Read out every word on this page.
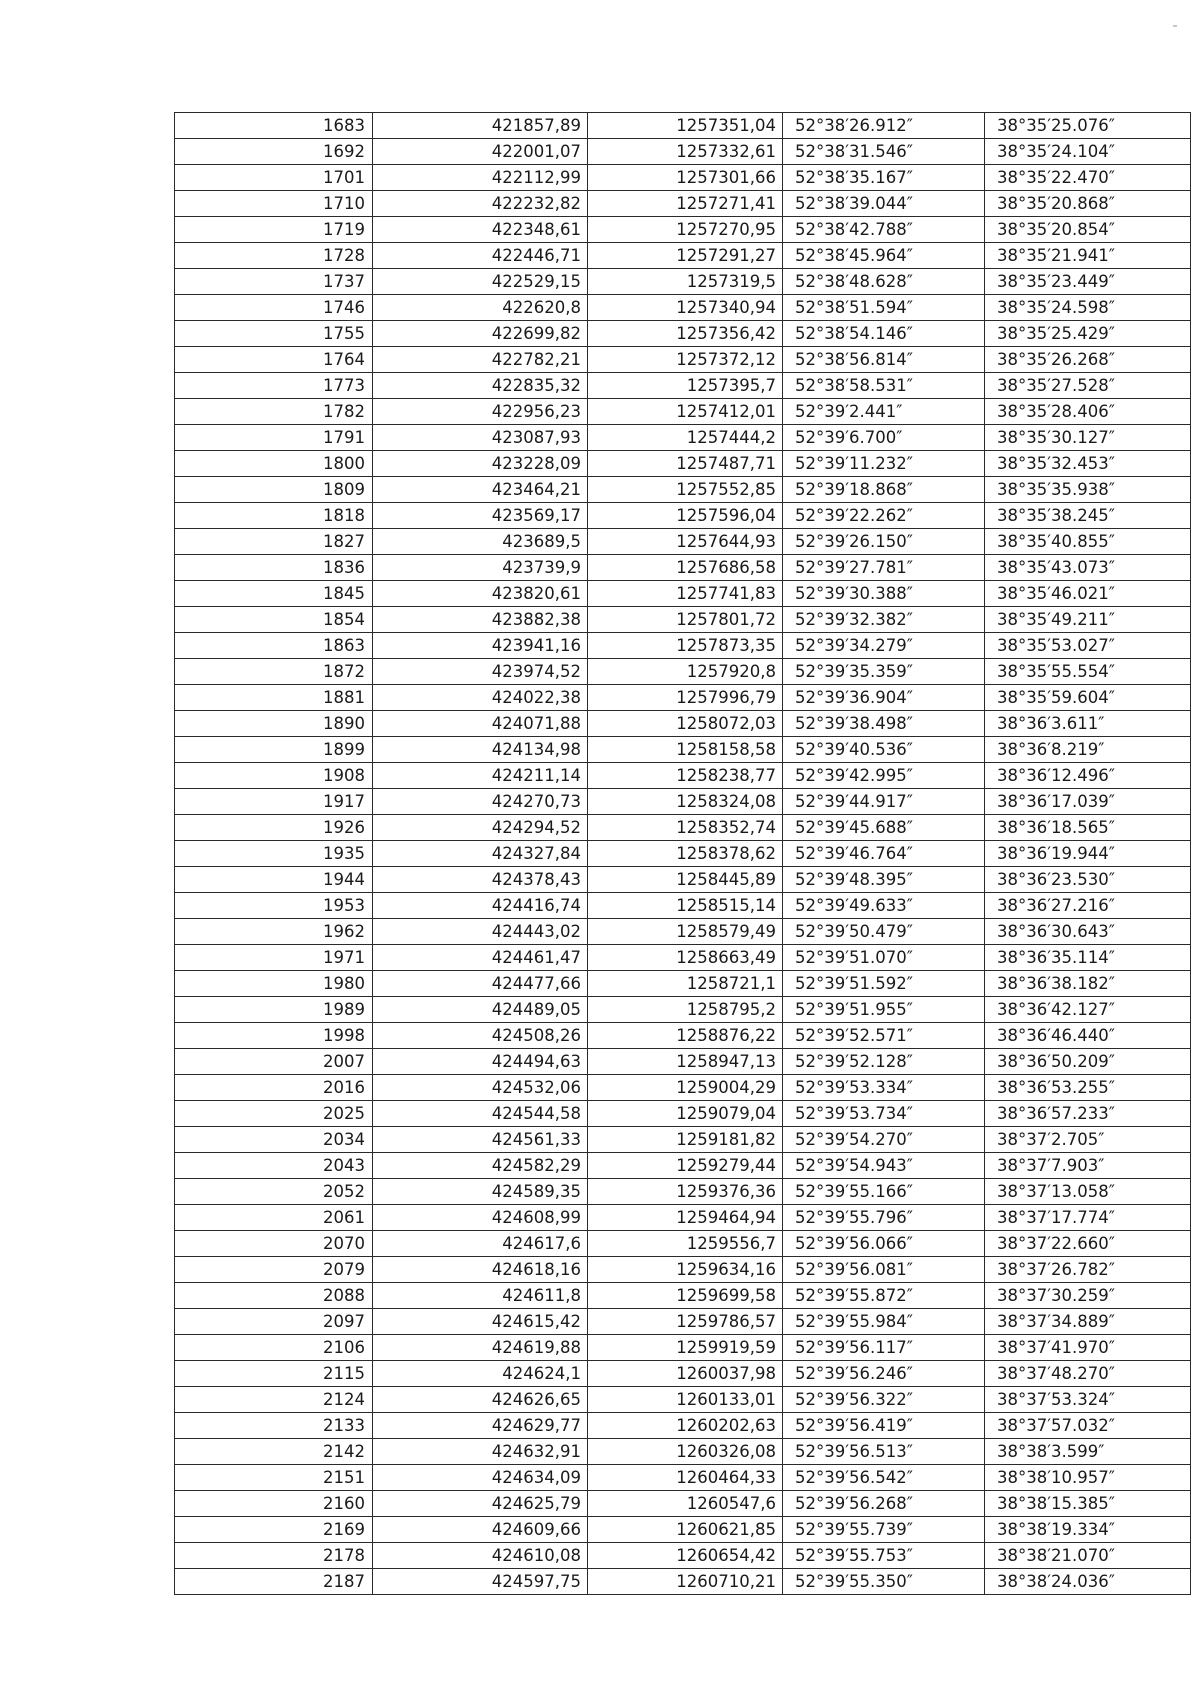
1683	421857,89	1257351,04	52°38′26.912″	38°35′25.076″
1692	422001,07	1257332,61	52°38′31.546″	38°35′24.104″
1701	422112,99	1257301,66	52°38′35.167″	38°35′22.470″
1710	422232,82	1257271,41	52°38′39.044″	38°35′20.868″
1719	422348,61	1257270,95	52°38′42.788″	38°35′20.854″
1728	422446,71	1257291,27	52°38′45.964″	38°35′21.941″
1737	422529,15	1257319,5	52°38′48.628″	38°35′23.449″
1746	422620,8	1257340,94	52°38′51.594″	38°35′24.598″
1755	422699,82	1257356,42	52°38′54.146″	38°35′25.429″
1764	422782,21	1257372,12	52°38′56.814″	38°35′26.268″
1773	422835,32	1257395,7	52°38′58.531″	38°35′27.528″
1782	422956,23	1257412,01	52°39′2.441″	38°35′28.406″
1791	423087,93	1257444,2	52°39′6.700″	38°35′30.127″
1800	423228,09	1257487,71	52°39′11.232″	38°35′32.453″
1809	423464,21	1257552,85	52°39′18.868″	38°35′35.938″
1818	423569,17	1257596,04	52°39′22.262″	38°35′38.245″
1827	423689,5	1257644,93	52°39′26.150″	38°35′40.855″
1836	423739,9	1257686,58	52°39′27.781″	38°35′43.073″
1845	423820,61	1257741,83	52°39′30.388″	38°35′46.021″
1854	423882,38	1257801,72	52°39′32.382″	38°35′49.211″
1863	423941,16	1257873,35	52°39′34.279″	38°35′53.027″
1872	423974,52	1257920,8	52°39′35.359″	38°35′55.554″
1881	424022,38	1257996,79	52°39′36.904″	38°35′59.604″
1890	424071,88	1258072,03	52°39′38.498″	38°36′3.611″
1899	424134,98	1258158,58	52°39′40.536″	38°36′8.219″
1908	424211,14	1258238,77	52°39′42.995″	38°36′12.496″
1917	424270,73	1258324,08	52°39′44.917″	38°36′17.039″
1926	424294,52	1258352,74	52°39′45.688″	38°36′18.565″
1935	424327,84	1258378,62	52°39′46.764″	38°36′19.944″
1944	424378,43	1258445,89	52°39′48.395″	38°36′23.530″
1953	424416,74	1258515,14	52°39′49.633″	38°36′27.216″
1962	424443,02	1258579,49	52°39′50.479″	38°36′30.643″
1971	424461,47	1258663,49	52°39′51.070″	38°36′35.114″
1980	424477,66	1258721,1	52°39′51.592″	38°36′38.182″
1989	424489,05	1258795,2	52°39′51.955″	38°36′42.127″
1998	424508,26	1258876,22	52°39′52.571″	38°36′46.440″
2007	424494,63	1258947,13	52°39′52.128″	38°36′50.209″
2016	424532,06	1259004,29	52°39′53.334″	38°36′53.255″
2025	424544,58	1259079,04	52°39′53.734″	38°36′57.233″
2034	424561,33	1259181,82	52°39′54.270″	38°37′2.705″
2043	424582,29	1259279,44	52°39′54.943″	38°37′7.903″
2052	424589,35	1259376,36	52°39′55.166″	38°37′13.058″
2061	424608,99	1259464,94	52°39′55.796″	38°37′17.774″
2070	424617,6	1259556,7	52°39′56.066″	38°37′22.660″
2079	424618,16	1259634,16	52°39′56.081″	38°37′26.782″
2088	424611,8	1259699,58	52°39′55.872″	38°37′30.259″
2097	424615,42	1259786,57	52°39′55.984″	38°37′34.889″
2106	424619,88	1259919,59	52°39′56.117″	38°37′41.970″
2115	424624,1	1260037,98	52°39′56.246″	38°37′48.270″
2124	424626,65	1260133,01	52°39′56.322″	38°37′53.324″
2133	424629,77	1260202,63	52°39′56.419″	38°37′57.032″
2142	424632,91	1260326,08	52°39′56.513″	38°38′3.599″
2151	424634,09	1260464,33	52°39′56.542″	38°38′10.957″
2160	424625,79	1260547,6	52°39′56.268″	38°38′15.385″
2169	424609,66	1260621,85	52°39′55.739″	38°38′19.334″
2178	424610,08	1260654,42	52°39′55.753″	38°38′21.070″
2187	424597,75	1260710,21	52°39′55.350″	38°38′24.036″
